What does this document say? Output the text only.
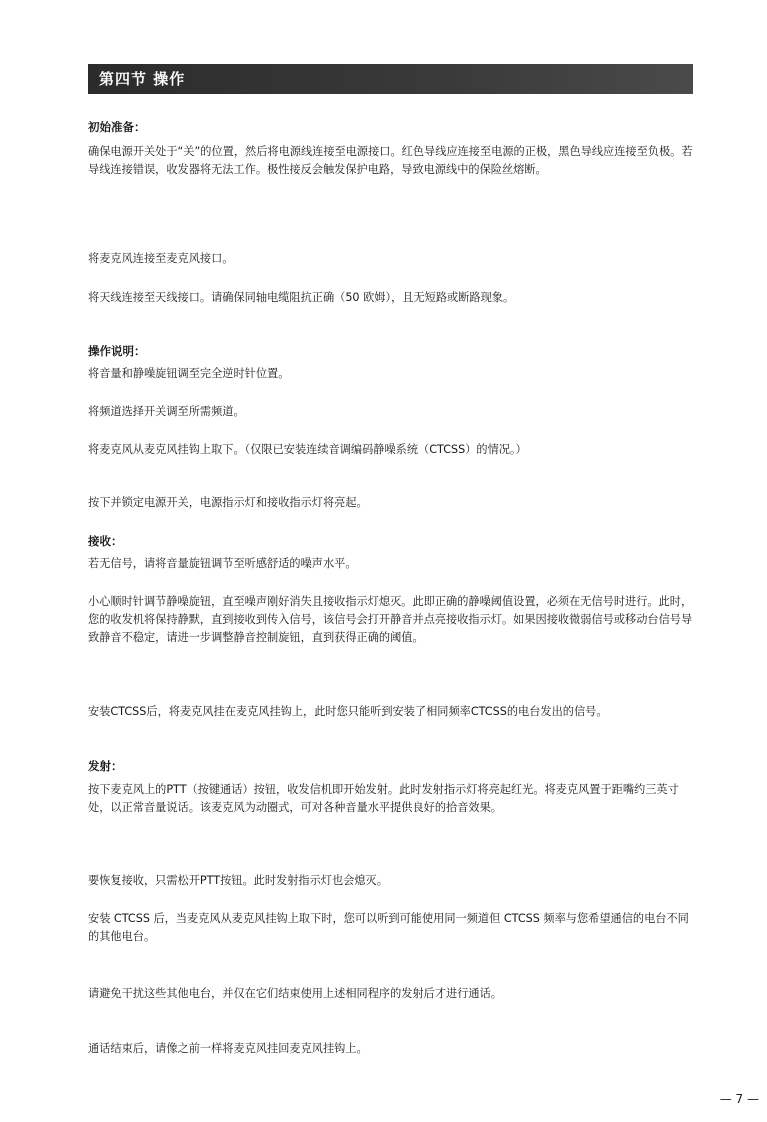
第四节 操作

初始准备：

确保电源开关处于“关”的位置，然后将电源线连接至电源接口。红色导线应连接至电源的正极，黑色导线应连接至负极。若导线连接错误，收发器将无法工作。极性接反会触发保护电路，导致电源线中的保险丝熔断。

将麦克风连接至麦克风接口。

将天线连接至天线接口。请确保同轴电缆阻抗正确（50 欧姆），且无短路或断路现象。

操作说明：

将音量和静噪旋钮调至完全逆时针位置。

将频道选择开关调至所需频道。

将麦克风从麦克风挂钩上取下。（仅限已安装连续音调编码静噪系统（CTCSS）的情况。）

按下并锁定电源开关，电源指示灯和接收指示灯将亮起。

接收：

若无信号，请将音量旋钮调节至听感舒适的噪声水平。

小心顺时针调节静噪旋钮，直至噪声刚好消失且接收指示灯熄灭。此即正确的静噪阈值设置，必须在无信号时进行。此时，您的收发机将保持静默，直到接收到传入信号，该信号会打开静音并点亮接收指示灯。如果因接收微弱信号或移动台信号导致静音不稳定，请进一步调整静音控制旋钮，直到获得正确的阈值。

安装CTCSS后，将麦克风挂在麦克风挂钩上，此时您只能听到安装了相同频率CTCSS的电台发出的信号。

发射：

按下麦克风上的PTT（按键通话）按钮，收发信机即开始发射。此时发射指示灯将亮起红光。将麦克风置于距嘴约三英寸处，以正常音量说话。该麦克风为动圈式，可对各种音量水平提供良好的拾音效果。

要恢复接收，只需松开PTT按钮。此时发射指示灯也会熄灭。

安装 CTCSS 后，当麦克风从麦克风挂钩上取下时，您可以听到可能使用同一频道但 CTCSS 频率与您希望通信的电台不同的其他电台。

请避免干扰这些其他电台，并仅在它们结束使用上述相同程序的发射后才进行通话。

通话结束后，请像之前一样将麦克风挂回麦克风挂钩上。

— 7 —
